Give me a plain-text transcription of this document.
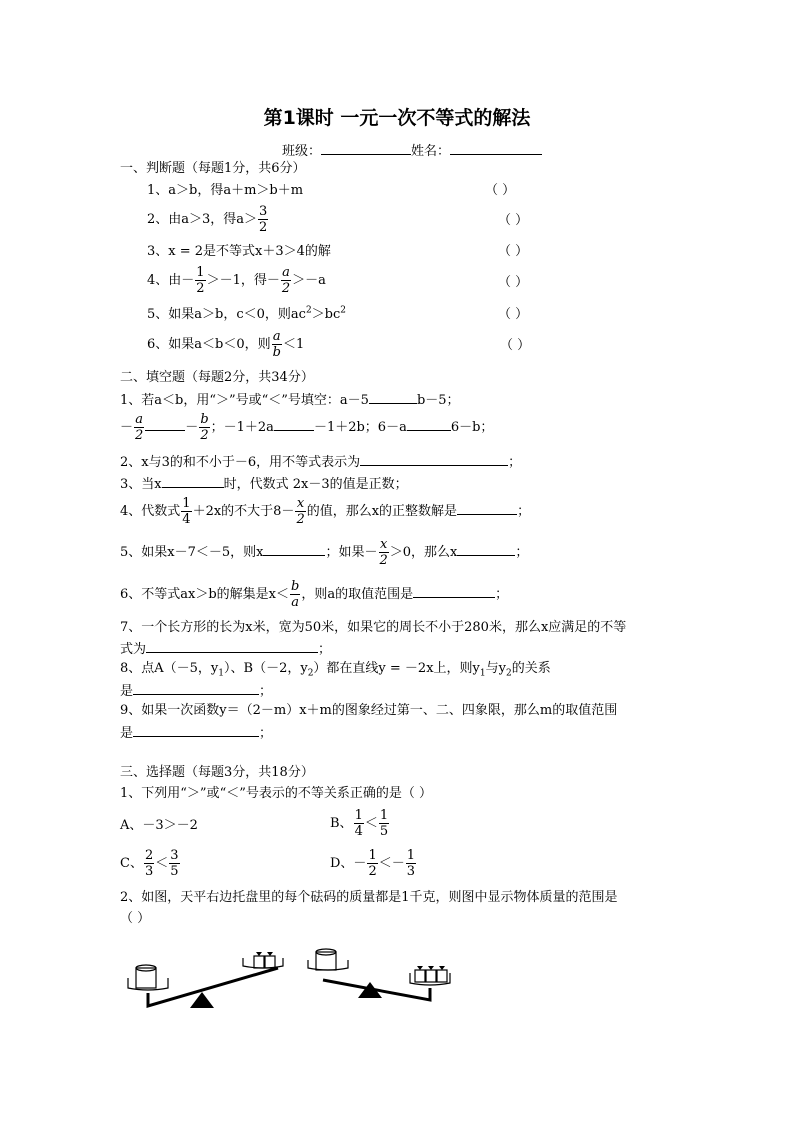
第1课时 一元一次不等式的解法
班级：	姓名：
一、判断题（每题1分，共6分）
1、a＞b，得a＋m＞b＋m	（ ）
2、由a＞3，得$a> \frac{3}{2}$	（ ）
3、x = 2是不等式x＋3＞4的解	（ ）
4、由－ $\frac{1}{2} >-1$，得－ $\frac{a}{2} >-a$	（ ）
5、如果a＞b，c＜0，则$ac^2>bc^2$	（ ）
6、如果a＜b＜0，则 $\frac{a}{b} <1$	（ ）
二、填空题（每题2分，共34分）
1、若a＜b，用“＞”号或“＜”号填空：a－5	b－5；
－ $\frac{a}{2}$	－ $\frac{b}{2}$ ；－1＋2a	－1＋2b；6－a	6－b；
2、x与3的和不小于－6，用不等式表示为	；
3、当x	时，代数式 2x－3的值是正数；
4、代数式 $\frac{1}{4} +2x$的不大于$8- \frac{x}{2}$ 的值，那么x的正整数解是	；
5、如果x－7＜－5，则x	；如果－ $\frac{x}{2} >0$，那么x	；
6、不等式ax＞b的解集是$x< \frac{b}{a}$ ，则a的取值范围是	；
7、一个长方形的长为x米，宽为50米，如果它的周长不小于280米，那么x应满足的不等
式为	；
8、点A（－5，$y_1$）、B（－2，$y_2$）都在直线y = －2x上，则$y_1$与$y_2$的关系
是	；
9、如果一次函数y＝（2－m）x＋m的图象经过第一、二、四象限，那么m的取值范围
是	；
三、选择题（每题3分，共18分）
1、下列用“＞”或“＜”号表示的不等关系正确的是（ ）
A、－3＞－2	B、 $\frac{1}{4} < \frac{1}{5}$
C、 $\frac{2}{3} < \frac{3}{5}$	D、－ $\frac{1}{2} <- \frac{1}{3}$
2、如图，天平右边托盘里的每个砝码的质量都是1千克，则图中显示物体质量的范围是
（ ）
